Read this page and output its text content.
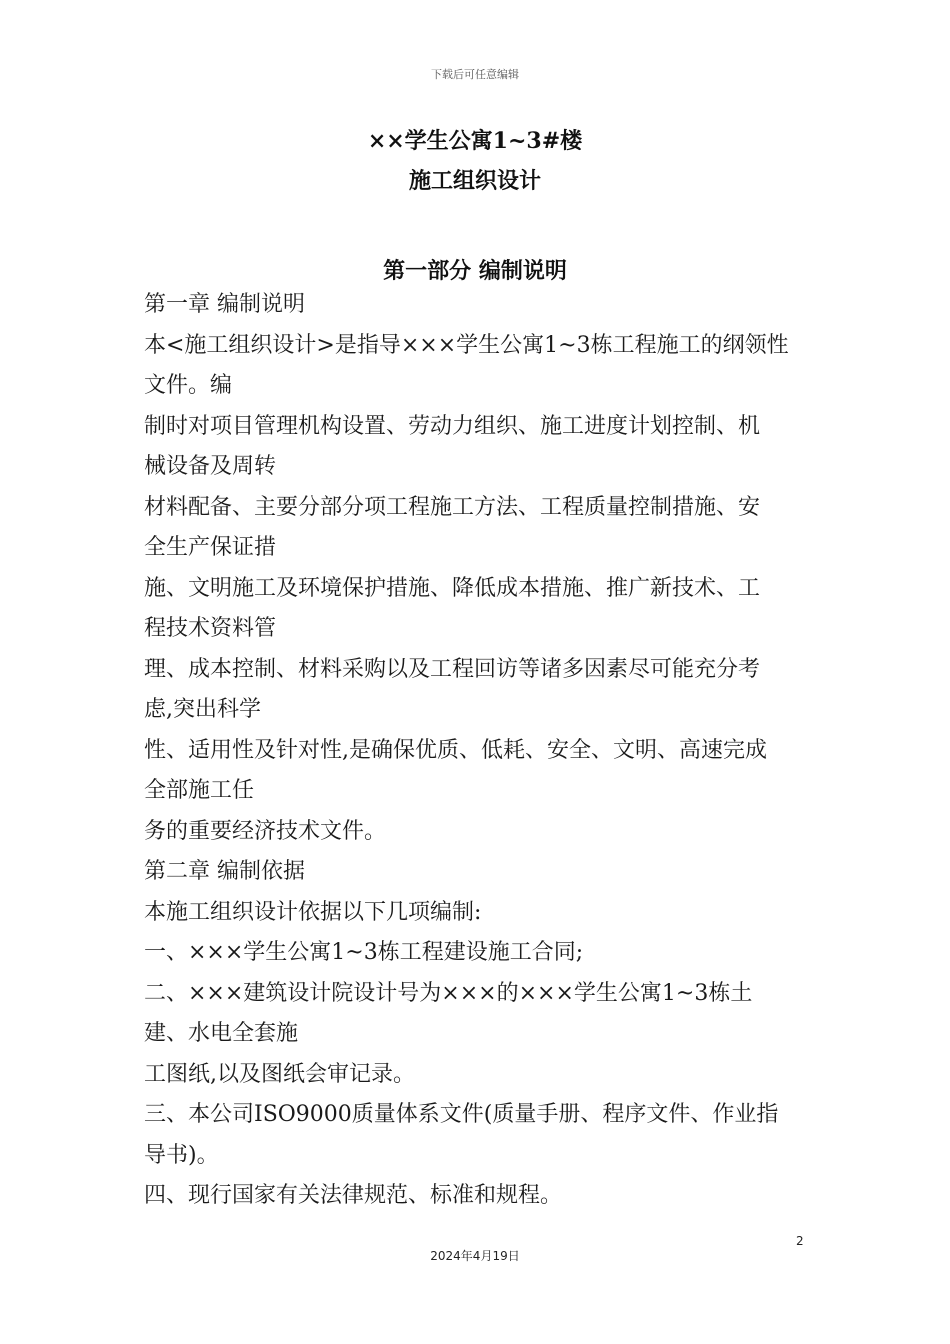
下载后可任意编辑
××学生公寓1~3#楼
施工组织设计
第一部分 编制说明
第一章 编制说明
本<施工组织设计>是指导×××学生公寓1~3栋工程施工的纲领性
文件。编
制时对项目管理机构设置、劳动力组织、施工进度计划控制、机
械设备及周转
材料配备、主要分部分项工程施工方法、工程质量控制措施、安
全生产保证措
施、文明施工及环境保护措施、降低成本措施、推广新技术、工
程技术资料管
理、成本控制、材料采购以及工程回访等诸多因素尽可能充分考
虑,突出科学
性、适用性及针对性,是确保优质、低耗、安全、文明、高速完成
全部施工任
务的重要经济技术文件。
第二章 编制依据
本施工组织设计依据以下几项编制:
一、×××学生公寓1~3栋工程建设施工合同;
二、×××建筑设计院设计号为×××的×××学生公寓1~3栋土
建、水电全套施
工图纸,以及图纸会审记录。
三、本公司ISO9000质量体系文件(质量手册、程序文件、作业指
导书)。
四、现行国家有关法律规范、标准和规程。
2
2024年4月19日
